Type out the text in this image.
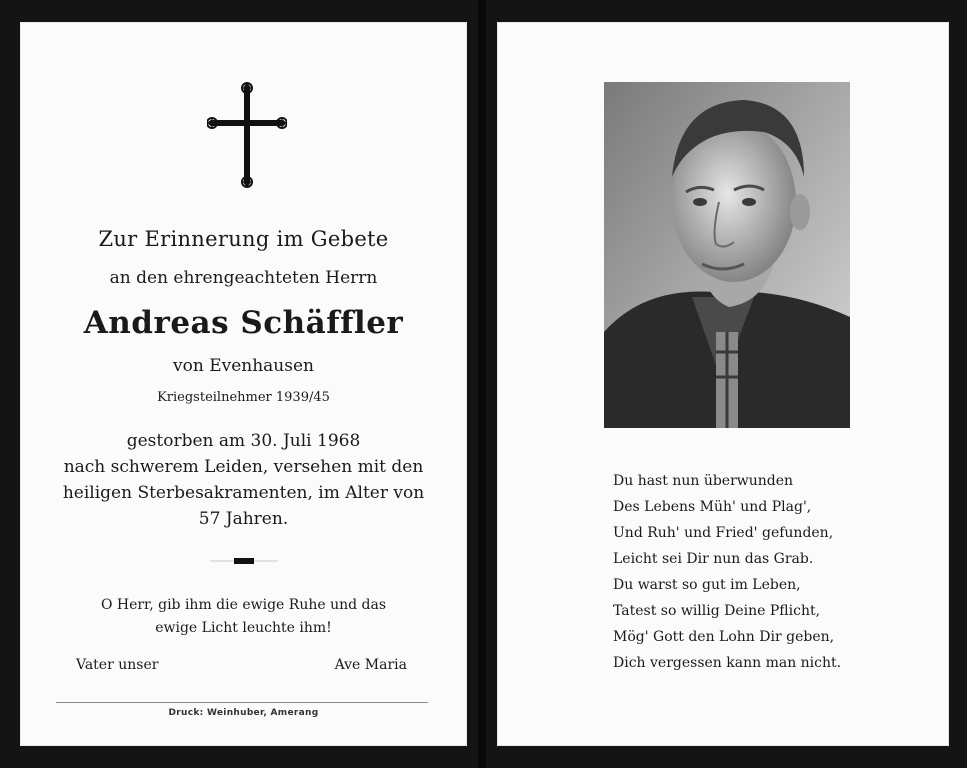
Zur Erinnerung im Gebete
an den ehrengeachteten Herrn
Andreas Schäffler
von Evenhausen
Kriegsteilnehmer 1939/45
gestorben am 30. Juli 1968
nach schwerem Leiden, versehen mit den
heiligen Sterbesakramenten, im Alter von
57 Jahren.
O Herr, gib ihm die ewige Ruhe und das
ewige Licht leuchte ihm!
Vater unser	Ave Maria
Druck: Weinhuber, Amerang
Du hast nun überwunden
Des Lebens Müh' und Plag',
Und Ruh' und Fried' gefunden,
Leicht sei Dir nun das Grab.
Du warst so gut im Leben,
Tatest so willig Deine Pflicht,
Mög' Gott den Lohn Dir geben,
Dich vergessen kann man nicht.
